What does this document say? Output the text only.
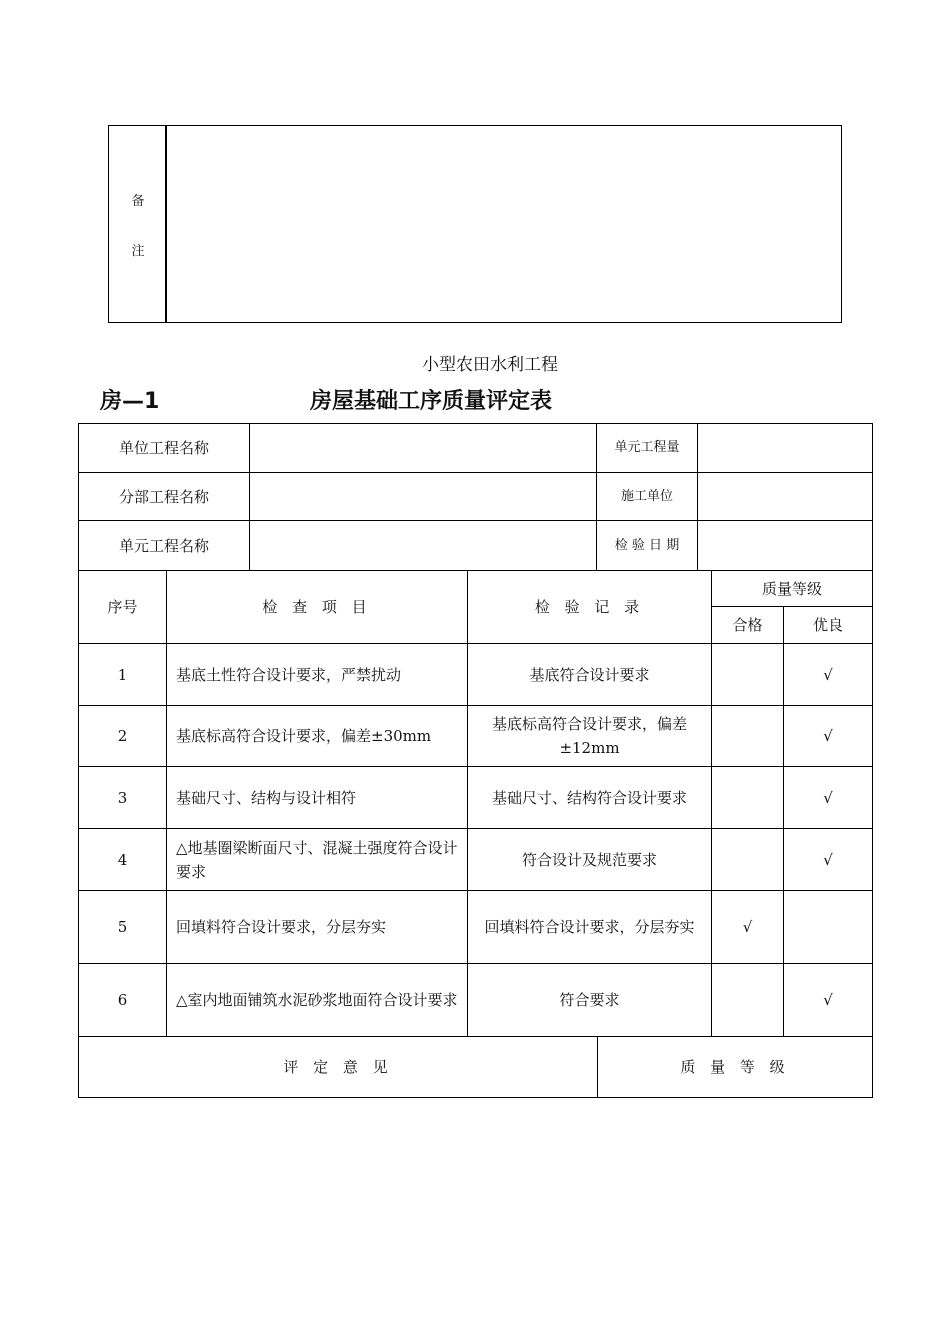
备
注
小型农田水利工程
房—1	房屋基础工序质量评定表
单位工程名称		单元工程量	
分部工程名称		施工单位	
单元工程名称		检 验 日 期	
序号	检 查 项 目	检 验 记 录	质量等级	
			合格	优良
1	基底土性符合设计要求，严禁扰动	基底符合设计要求		√
2	基底标高符合设计要求，偏差±30mm	基底标高符合设计要求，偏差±12mm		√
3	基础尺寸、结构与设计相符	基础尺寸、结构符合设计要求		√
4	△地基圈梁断面尺寸、混凝土强度符合设计要求	符合设计及规范要求		√
5	回填料符合设计要求，分层夯实	回填料符合设计要求，分层夯实	√	
6	△室内地面铺筑水泥砂浆地面符合设计要求	符合要求		√
评 定 意 见	质 量 等 级
